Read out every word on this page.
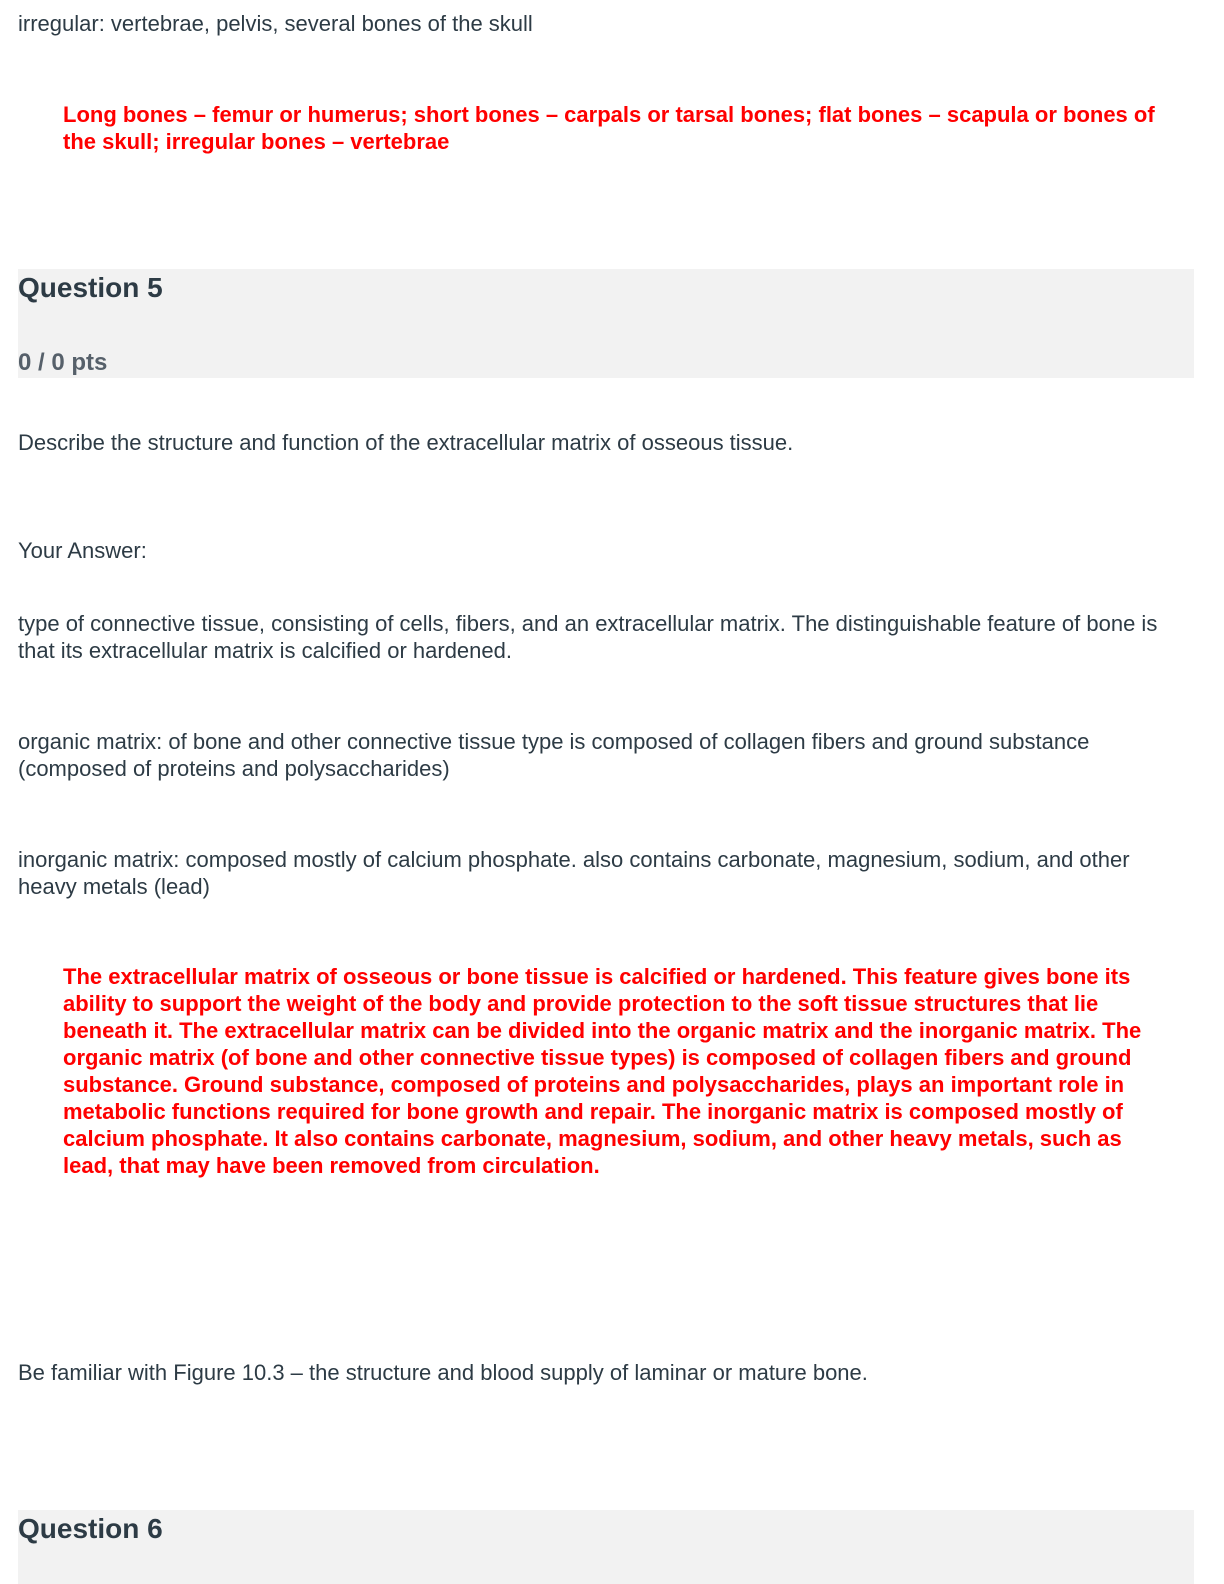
irregular: vertebrae, pelvis, several bones of the skull
Long bones – femur or humerus; short bones – carpals or tarsal bones; flat bones – scapula or bones of the skull; irregular bones – vertebrae
Question 5
0 / 0 pts
Describe the structure and function of the extracellular matrix of osseous tissue.
Your Answer:
type of connective tissue, consisting of cells, fibers, and an extracellular matrix. The distinguishable feature of bone is that its extracellular matrix is calcified or hardened.
organic matrix: of bone and other connective tissue type is composed of collagen fibers and ground substance (composed of proteins and polysaccharides)
inorganic matrix: composed mostly of calcium phosphate. also contains carbonate, magnesium, sodium, and other heavy metals (lead)
The extracellular matrix of osseous or bone tissue is calcified or hardened. This feature gives bone its ability to support the weight of the body and provide protection to the soft tissue structures that lie beneath it. The extracellular matrix can be divided into the organic matrix and the inorganic matrix. The organic matrix (of bone and other connective tissue types) is composed of collagen fibers and ground substance. Ground substance, composed of proteins and polysaccharides, plays an important role in metabolic functions required for bone growth and repair. The inorganic matrix is composed mostly of calcium phosphate. It also contains carbonate, magnesium, sodium, and other heavy metals, such as lead, that may have been removed from circulation.
Be familiar with Figure 10.3 – the structure and blood supply of laminar or mature bone.
Question 6
